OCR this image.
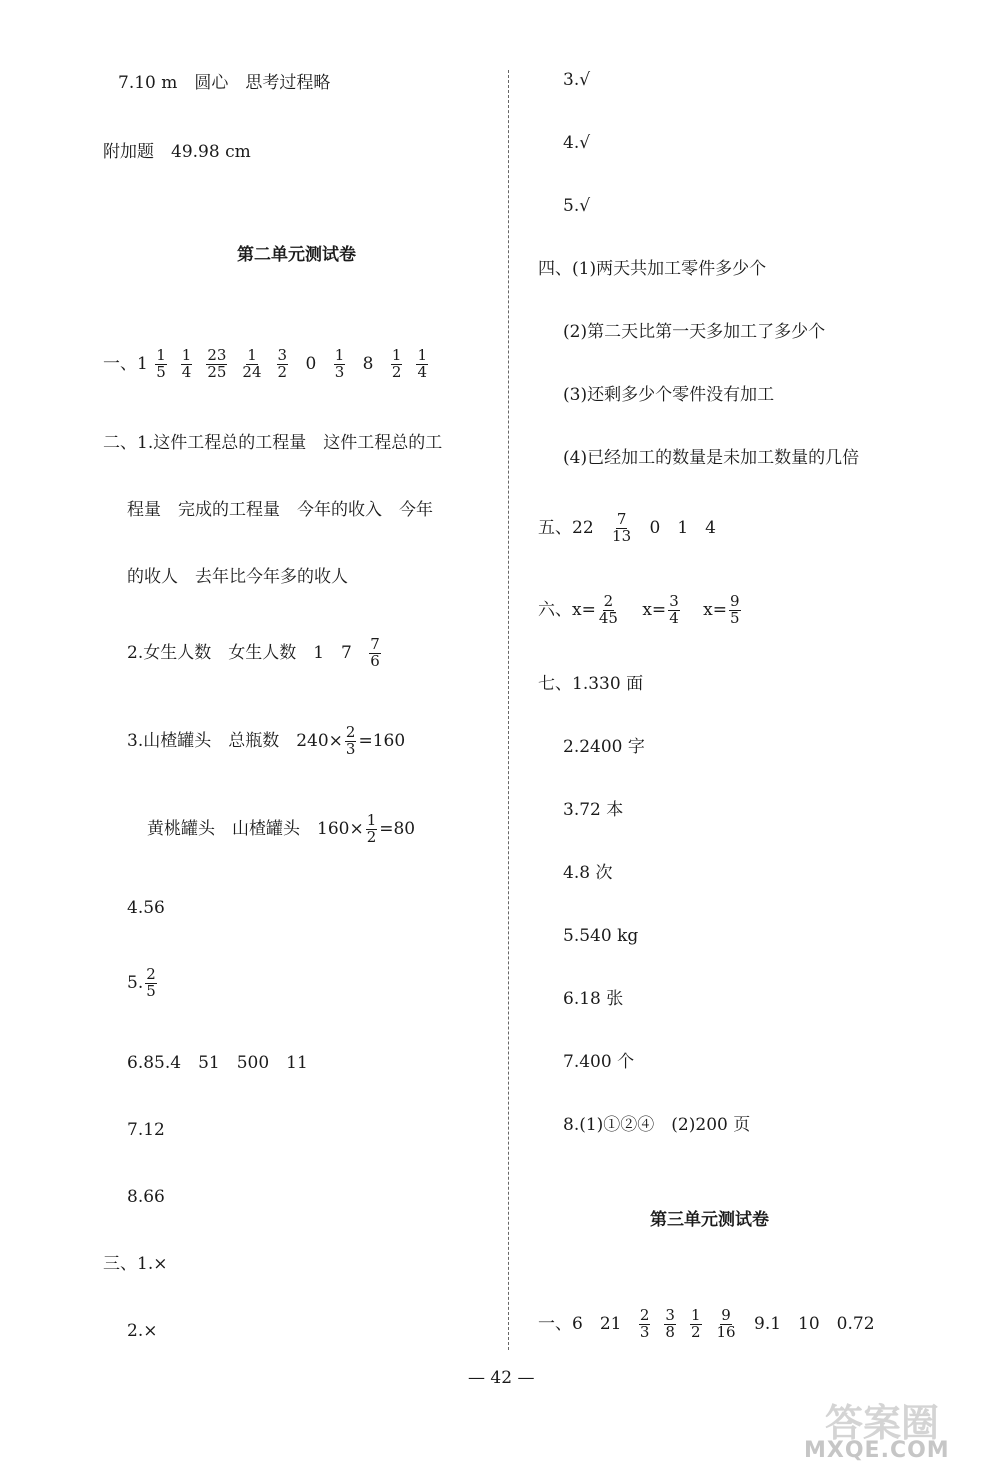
7.10 m　圆心　思考过程略
附加题　49.98 cm
第二单元测试卷
一、$1 \frac{1}{5} \frac{1}{4} \frac{23}{25} \frac{1}{24} \frac{3}{2} 0 \frac{1}{3} 8 \frac{1}{2} \frac{1}{4}$
二、1.这件工程总的工程量　这件工程总的工
程量　完成的工程量　今年的收入　今年
的收人　去年比今年多的收人
2.女生人数　女生人数　1　$7 \frac{7}{6}$
3.山楂罐头　总瓶数　$240\times \frac{2}{3} =160$
黄桃罐头　山楂罐头　$160\times \frac{1}{2} =80$
4.56
5. $\frac{2}{5}$
6.85.4　51　500　11
7.12
8.66
三、1.×
2.×
3.√
4.√
5.√
四、(1)两天共加工零件多少个
(2)第二天比第一天多加工了多少个
(3)还剩多少个零件没有加工
(4)已经加工的数量是未加工数量的几倍
五、$22 \frac{7}{13} 0$　1　4
六、$x= \frac{2}{45} x= \frac{3}{4} x= \frac{9}{5}$
七、1.330 面
2.2400 字
3.72 本
4.8 次
5.540 kg
6.18 张
7.400 个
8.(1)①②④　(2)200 页
第三单元测试卷
一、6　$21 \frac{2}{3} \frac{3}{8} \frac{1}{2} \frac{9}{16} 9.1$　10　0.72
— 42 —
答案圈
MXQE.COM
